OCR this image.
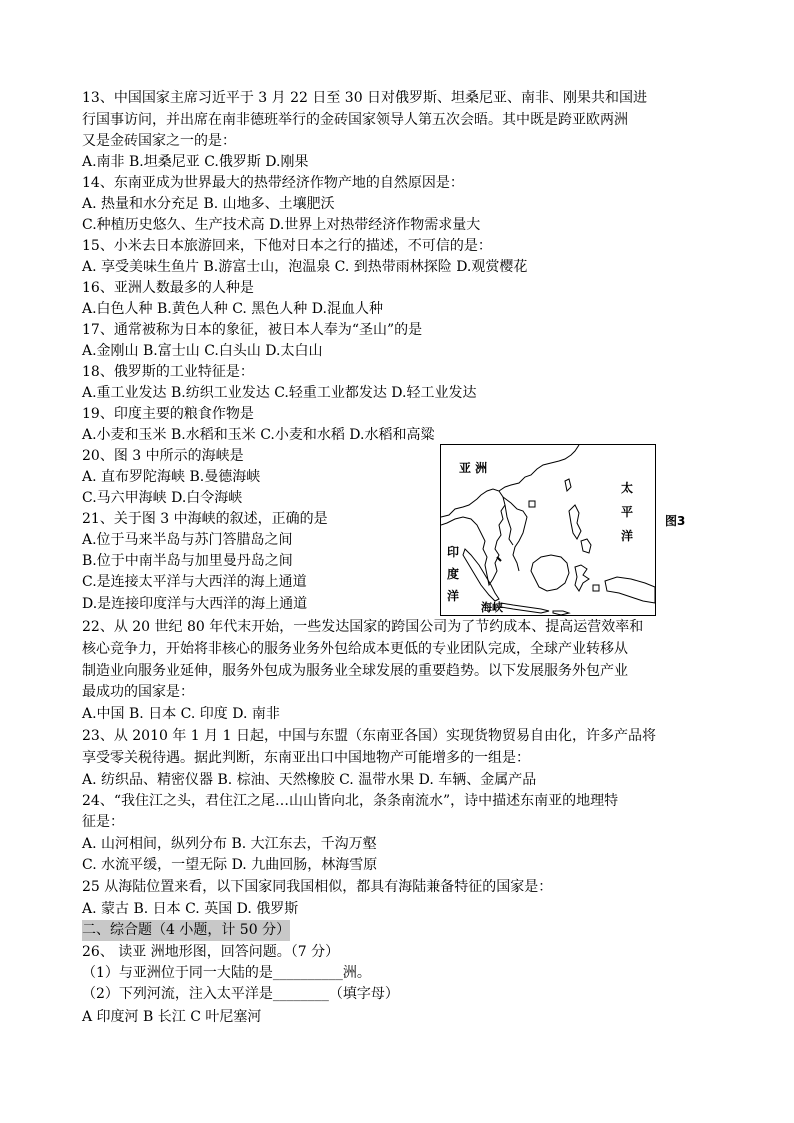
13、中国国家主席习近平于 3 月 22 日至 30 日对俄罗斯、坦桑尼亚、南非、刚果共和国进
行国事访问，并出席在南非德班举行的金砖国家领导人第五次会晤。其中既是跨亚欧两洲
又是金砖国家之一的是：
A.南非 B.坦桑尼亚 C.俄罗斯 D.刚果
14、东南亚成为世界最大的热带经济作物产地的自然原因是：
A. 热量和水分充足 B. 山地多、土壤肥沃
C.种植历史悠久、生产技术高 D.世界上对热带经济作物需求量大
15、小米去日本旅游回来，下他对日本之行的描述，不可信的是：
A. 享受美味生鱼片 B.游富士山，泡温泉 C. 到热带雨林探险 D.观赏樱花
16、亚洲人数最多的人种是
A.白色人种 B.黄色人种 C. 黑色人种 D.混血人种
17、通常被称为日本的象征，被日本人奉为“圣山”的是
A.金刚山 B.富士山 C.白头山 D.太白山
18、俄罗斯的工业特征是：
A.重工业发达 B.纺织工业发达 C.轻重工业都发达 D.轻工业发达
19、印度主要的粮食作物是
A.小麦和玉米 B.水稻和玉米 C.小麦和水稻 D.水稻和高粱
20、图 3 中所示的海峡是
A. 直布罗陀海峡 B.曼德海峡
C.马六甲海峡 D.白令海峡
21、关于图 3 中海峡的叙述，正确的是
A.位于马来半岛与苏门答腊岛之间
B.位于中南半岛与加里曼丹岛之间
C.是连接太平洋与大西洋的海上通道
D.是连接印度洋与大西洋的海上通道
22、从 20 世纪 80 年代末开始，一些发达国家的跨国公司为了节约成本、提高运营效率和
核心竞争力，开始将非核心的服务业务外包给成本更低的专业团队完成，全球产业转移从
制造业向服务业延伸，服务外包成为服务业全球发展的重要趋势。以下发展服务外包产业
最成功的国家是：
A.中国 B. 日本 C. 印度 D. 南非
23、从 2010 年 1 月 1 日起，中国与东盟（东南亚各国）实现货物贸易自由化，许多产品将
享受零关税待遇。据此判断，东南亚出口中国地物产可能增多的一组是：
A. 纺织品、精密仪器 B. 棕油、天然橡胶 C. 温带水果 D. 车辆、金属产品
24、“我住江之头，君住江之尾…山山皆向北，条条南流水”，诗中描述东南亚的地理特
征是：
A. 山河相间，纵列分布 B. 大江东去，千沟万壑
C. 水流平缓，一望无际 D. 九曲回肠，林海雪原
25 从海陆位置来看，以下国家同我国相似，都具有海陆兼备特征的国家是：
A. 蒙古 B. 日本 C. 英国 D. 俄罗斯
二、综合题（4 小题，计 50 分）
26、 读亚 洲地形图，回答问题。（7 分）
（1）与亚洲位于同一大陆的是__________洲。
（2）下列河流，注入太平洋是________（填字母）
A 印度河 B 长江 C 叶尼塞河
亚 洲
太
平
洋
印
度
洋
海峡
图3
